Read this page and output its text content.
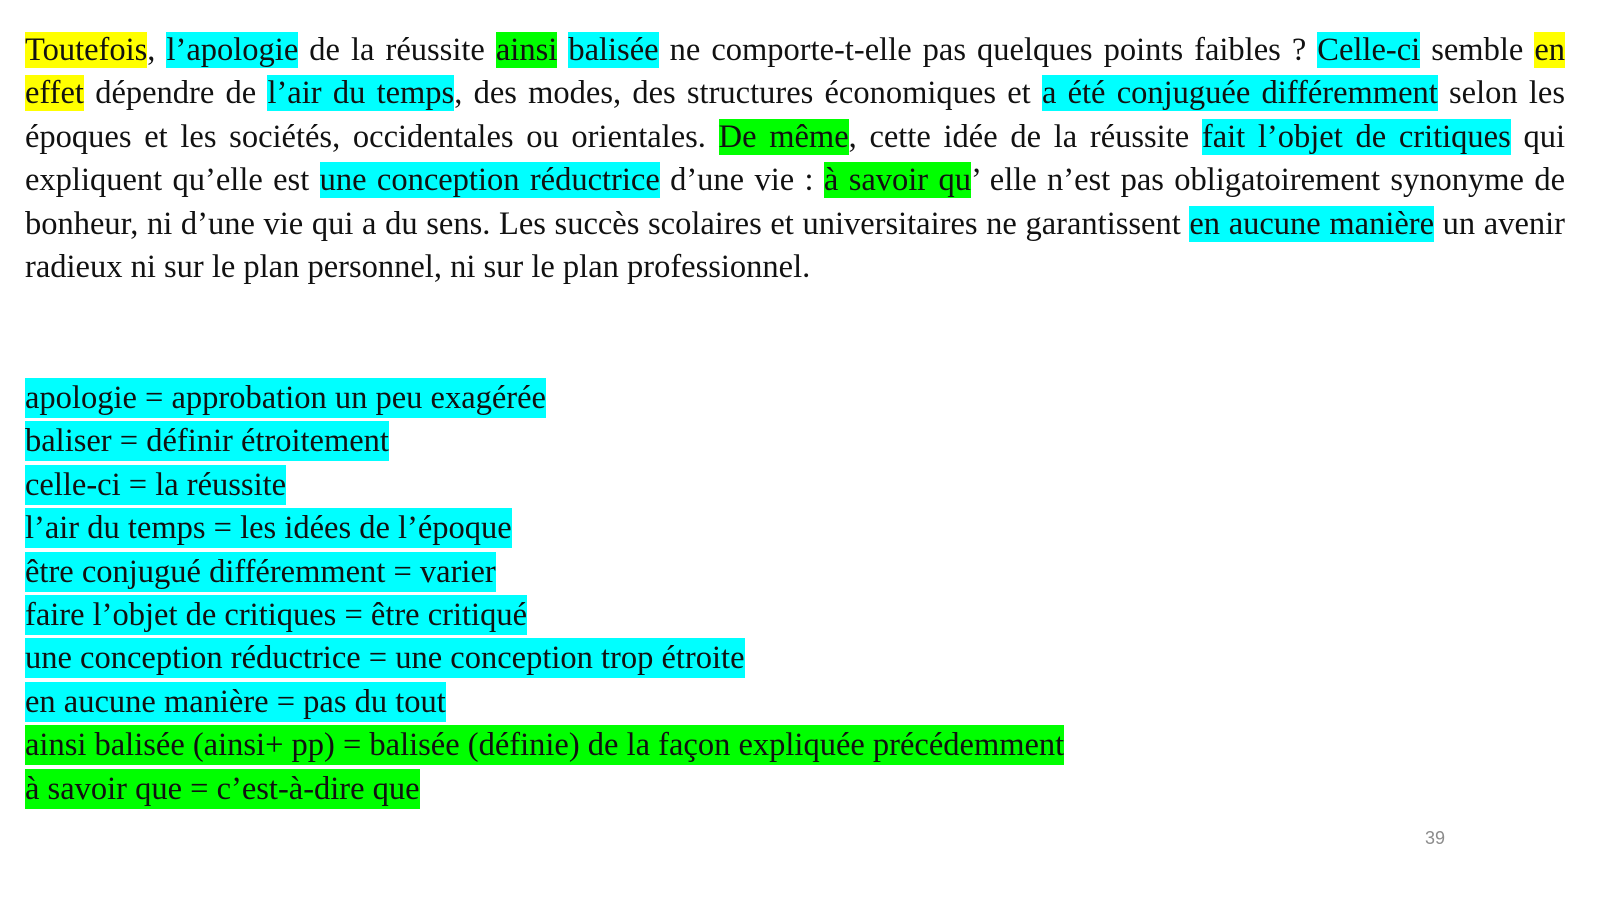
Toutefois, l’apologie de la réussite ainsi balisée ne comporte-t-elle pas quelques points faibles ? Celle-ci semble en effet dépendre de l’air du temps, des modes, des structures économiques et a été conjuguée différemment selon les époques et les sociétés, occidentales ou orientales. De même, cette idée de la réussite fait l’objet de critiques qui expliquent qu’elle est une conception réductrice d’une vie : à savoir qu’ elle n’est pas obligatoirement synonyme de bonheur, ni d’une vie qui a du sens. Les succès scolaires et universitaires ne garantissent en aucune manière un avenir radieux ni sur le plan personnel, ni sur le plan professionnel.

apologie = approbation un peu exagérée
baliser = définir étroitement
celle-ci = la réussite
l’air du temps = les idées de l’époque
être conjugué différemment = varier
faire l’objet de critiques = être critiqué
une conception réductrice = une conception trop étroite
en aucune manière = pas du tout
ainsi balisée (ainsi+ pp) = balisée (définie) de la façon expliquée précédemment
à savoir que = c’est-à-dire que
39
